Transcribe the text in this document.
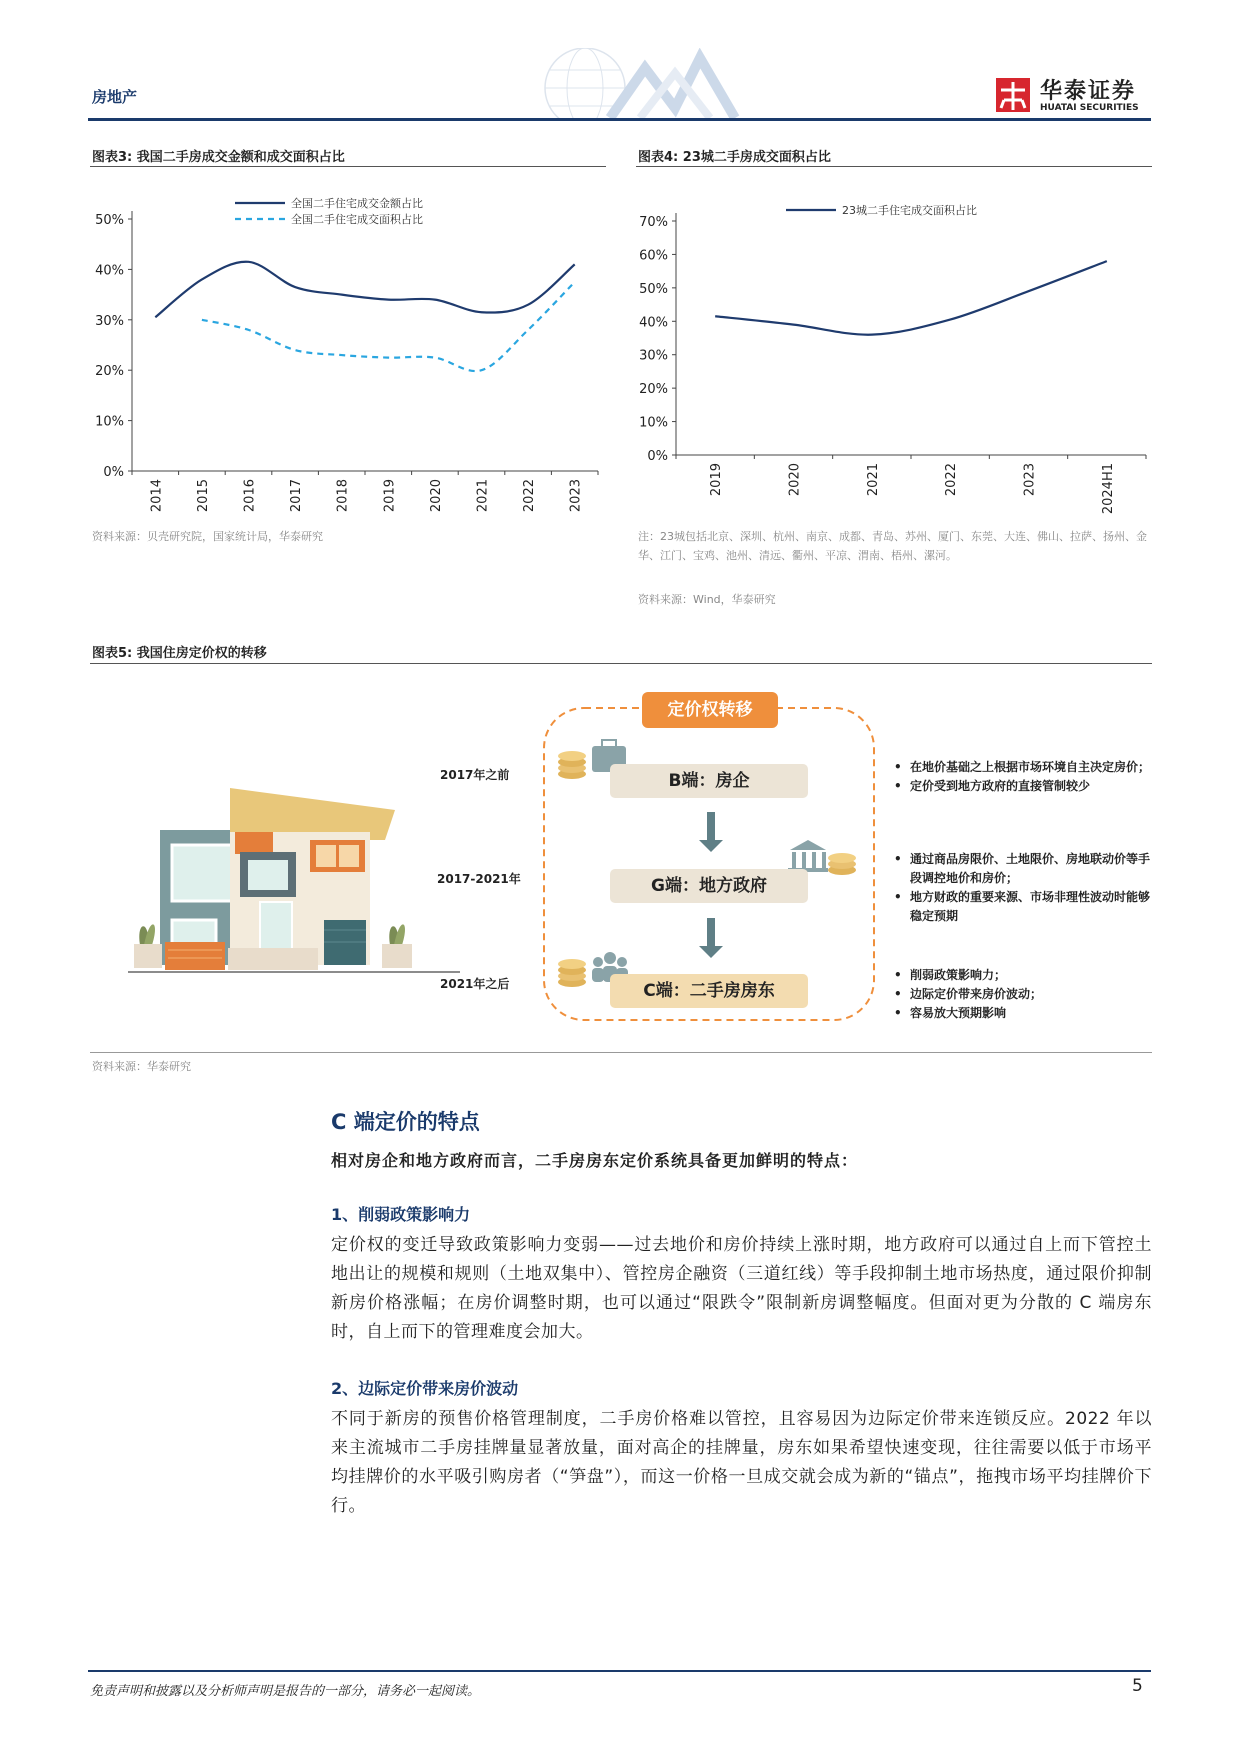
房地产	华泰证券
HUATAI SECURITIES
图表3: 我国二手房成交金额和成交面积占比
0%
10%
20%
30%
40%
50%
2014 2015 2016 2017 2018 2019 2020 2021 2022 2023
全国二手住宅成交金额占比
全国二手住宅成交面积占比
资料来源：贝壳研究院，国家统计局，华泰研究
图表4: 23城二手房成交面积占比
0%
10%
20%
30%
40%
50%
60%
70%
2019	2020	2021	2022	2023	2024H1
23城二手住宅成交面积占比
注：23城包括北京、深圳、杭州、南京、成都、青岛、苏州、厦门、东莞、大连、佛山、拉萨、扬州、金华、江门、宝鸡、池州、清远、衢州、平凉、渭南、梧州、漯河。
资料来源：Wind，华泰研究
图表5: 我国住房定价权的转移
2017年之前
2017-2021年
2021年之后
定价权转移
B端：房企
G端：地方政府
C端：二手房房东
• 在地价基础之上根据市场环境自主决定房价；
• 定价受到地方政府的直接管制较少
• 通过商品房限价、土地限价、房地联动价等手段调控地价和房价；
• 地方财政的重要来源、市场非理性波动时能够稳定预期
• 削弱政策影响力；
• 边际定价带来房价波动；
• 容易放大预期影响
资料来源：华泰研究
C 端定价的特点
相对房企和地方政府而言，二手房房东定价系统具备更加鲜明的特点：
1、削弱政策影响力
定价权的变迁导致政策影响力变弱——过去地价和房价持续上涨时期，地方政府可以通过自上而下管控土地出让的规模和规则（土地双集中）、管控房企融资（三道红线）等手段抑制土地市场热度，通过限价抑制新房价格涨幅；在房价调整时期，也可以通过“限跌令”限制新房调整幅度。但面对更为分散的 C 端房东时，自上而下的管理难度会加大。
2、边际定价带来房价波动
不同于新房的预售价格管理制度，二手房价格难以管控，且容易因为边际定价带来连锁反应。2022 年以来主流城市二手房挂牌量显著放量，面对高企的挂牌量，房东如果希望快速变现，往往需要以低于市场平均挂牌价的水平吸引购房者（“笋盘”），而这一价格一旦成交就会成为新的“锚点”，拖拽市场平均挂牌价下行。
免责声明和披露以及分析师声明是报告的一部分，请务必一起阅读。	5
